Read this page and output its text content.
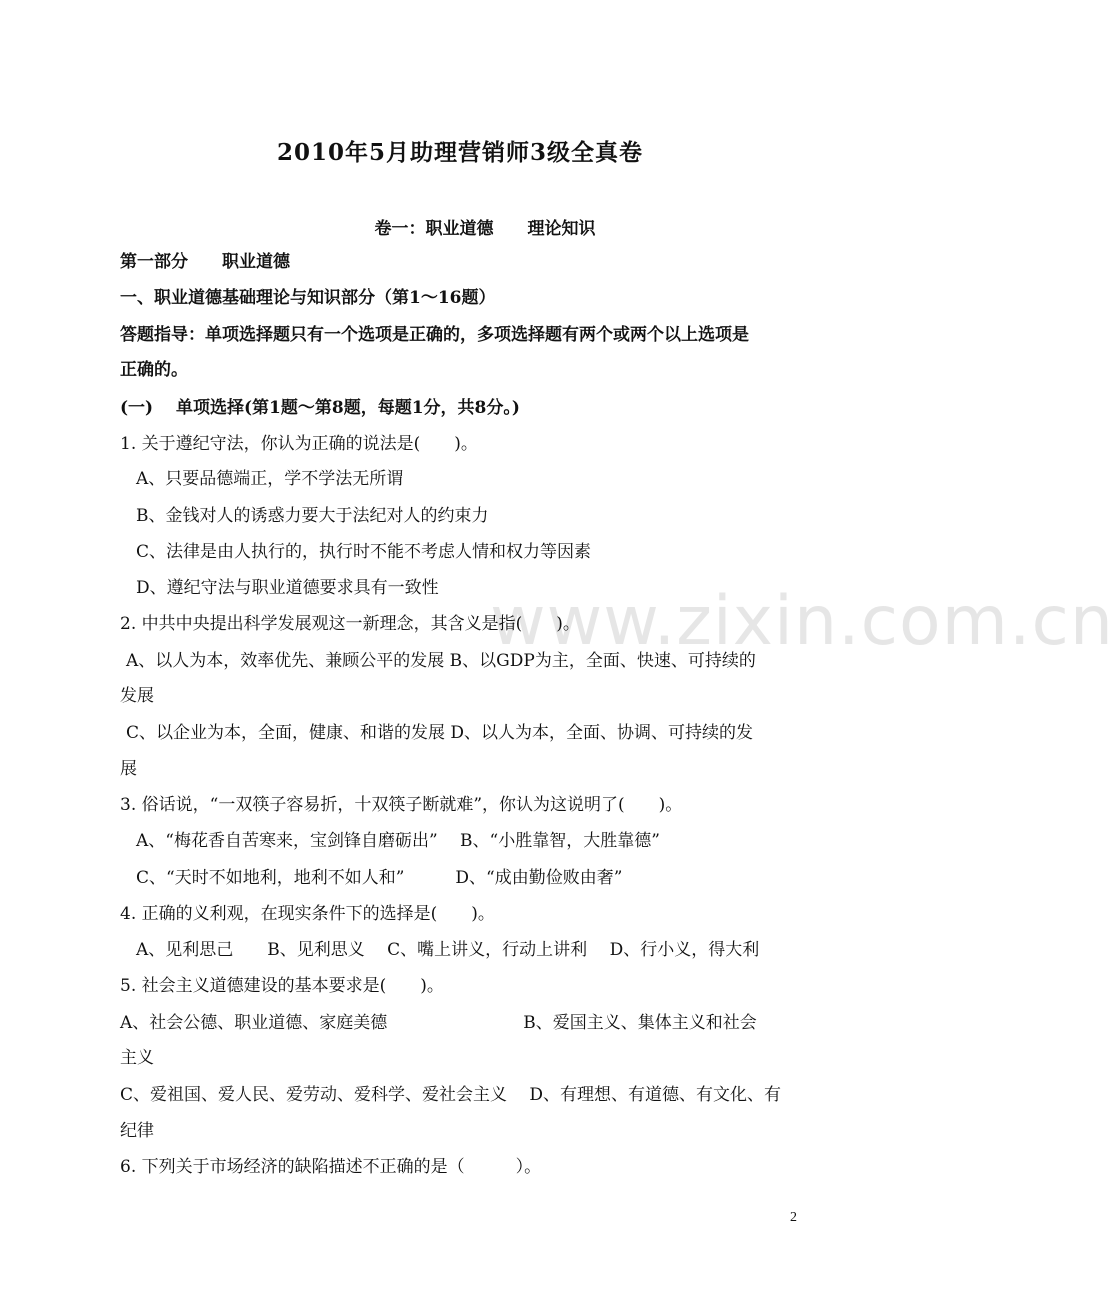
www.zixin.com.cn
2010年5月助理营销师3级全真卷
卷一：职业道德　　理论知识
第一部分　　职业道德
一、职业道德基础理论与知识部分（第1～16题）
答题指导：单项选择题只有一个选项是正确的，多项选择题有两个或两个以上选项是
正确的。
(一)　 单项选择(第1题～第8题，每题1分，共8分。)
1. 关于遵纪守法，你认为正确的说法是(　　)。
A、只要品德端正，学不学法无所谓
B、金钱对人的诱惑力要大于法纪对人的约束力
C、法律是由人执行的，执行时不能不考虑人情和权力等因素
D、遵纪守法与职业道德要求具有一致性
2. 中共中央提出科学发展观这一新理念，其含义是指(　　)。
A、以人为本，效率优先、兼顾公平的发展 B、以GDP为主，全面、快速、可持续的
发展
C、以企业为本，全面，健康、和谐的发展 D、以人为本，全面、协调、可持续的发
展
3. 俗话说，“一双筷子容易折，十双筷子断就难”，你认为这说明了(　　)。
A、“梅花香自苦寒来，宝剑锋自磨砺出”　 B、“小胜靠智，大胜靠德”
C、“天时不如地利，地利不如人和”　　　D、“成由勤俭败由奢”
4. 正确的义利观，在现实条件下的选择是(　　)。
A、见利思己　　B、见利思义　 C、嘴上讲义，行动上讲利　 D、行小义，得大利
5. 社会主义道德建设的基本要求是(　　)。
A、社会公德、职业道德、家庭美德　　　　　　　　B、爱国主义、集体主义和社会
主义
C、爱祖国、爱人民、爱劳动、爱科学、爱社会主义　 D、有理想、有道德、有文化、有
纪律
6. 下列关于市场经济的缺陷描述不正确的是（　　　）。
2
